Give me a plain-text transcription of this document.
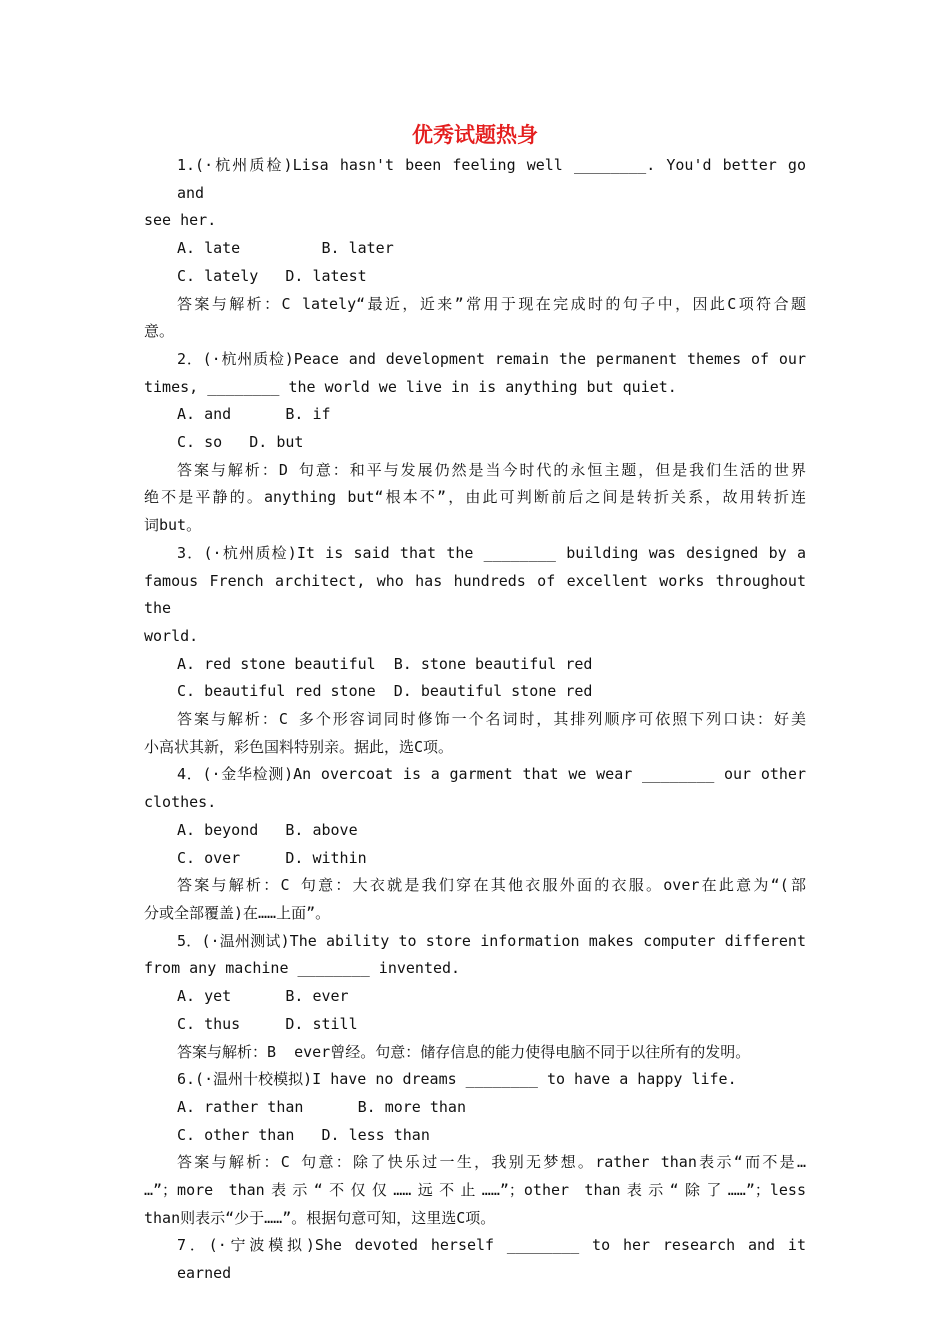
优秀试题热身
1.(·杭州质检)Lisa hasn't been feeling well ________. You'd better go and
see her.
A. late         B. later
C. lately   D. latest
答案与解析：C lately“最近，近来”常用于现在完成时的句子中，因此C项符合题
意。
2．(·杭州质检)Peace and development remain the permanent themes of our
times, ________ the world we live in is anything but quiet.
A. and      B. if
C. so   D. but
答案与解析：D 句意：和平与发展仍然是当今时代的永恒主题，但是我们生活的世界
绝不是平静的。anything but“根本不”，由此可判断前后之间是转折关系，故用转折连
词but。
3．(·杭州质检)It is said that the ________ building was designed by a
famous French architect, who has hundreds of excellent works throughout the
world.
A. red stone beautiful  B. stone beautiful red
C. beautiful red stone  D. beautiful stone red
答案与解析：C 多个形容词同时修饰一个名词时，其排列顺序可依照下列口诀：好美
小高状其新，彩色国料特别亲。据此，选C项。
4．(·金华检测)An overcoat is a garment that we wear ________ our other
clothes.
A. beyond   B. above
C. over     D. within
答案与解析：C 句意：大衣就是我们穿在其他衣服外面的衣服。over在此意为“(部
分或全部覆盖)在……上面”。
5．(·温州测试)The ability to store information makes computer different
from any machine ________ invented.
A. yet      B. ever
C. thus     D. still
答案与解析：B  ever曾经。句意：储存信息的能力使得电脑不同于以往所有的发明。
6.(·温州十校模拟)I have no dreams ________ to have a happy life.
A. rather than      B. more than
C. other than   D. less than
答案与解析：C 句意：除了快乐过一生，我别无梦想。rather than表示“而不是…
…”；more than表示“不仅仅……远不止……”；other than表示“除了……”；less
than则表示“少于……”。根据句意可知，这里选C项。
7．(·宁波模拟)She devoted herself ________ to her research and it earned
